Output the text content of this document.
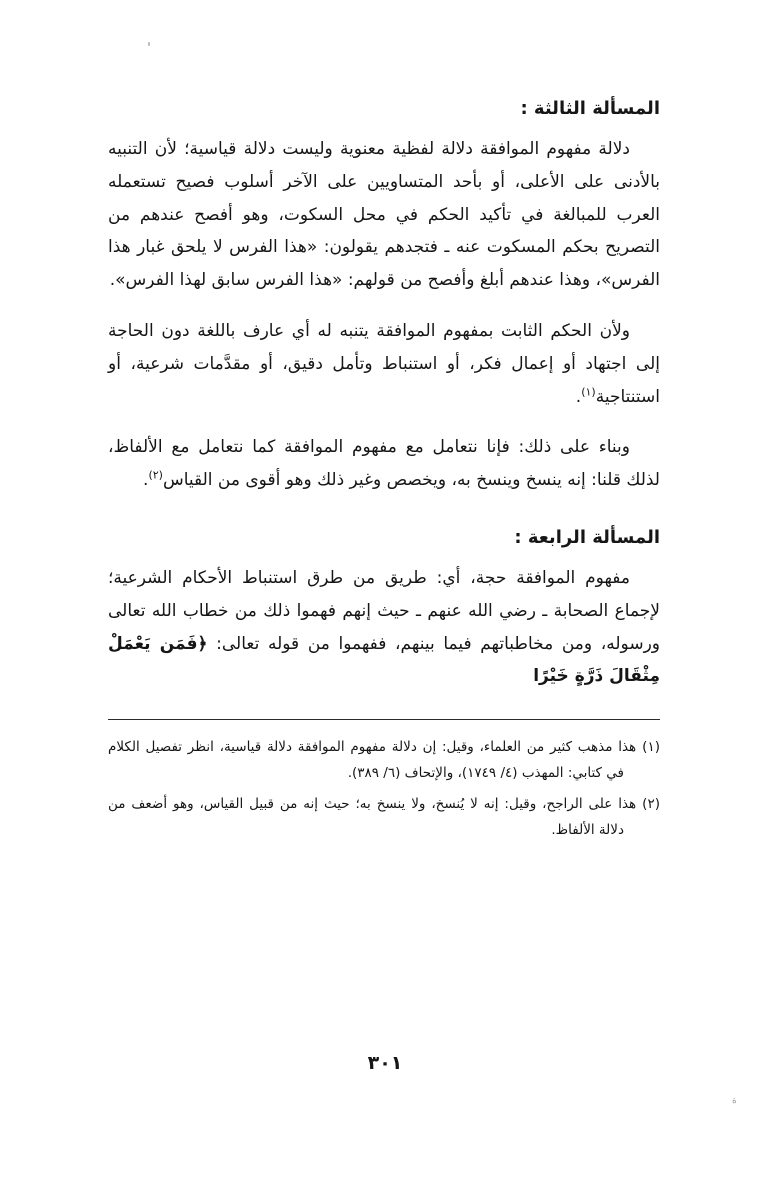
المسألة الثالثة :

دلالة مفهوم الموافقة دلالة لفظية معنوية وليست دلالة قياسية؛ لأن التنبيه بالأدنى على الأعلى، أو بأحد المتساويين على الآخر أسلوب فصيح تستعمله العرب للمبالغة في تأكيد الحكم في محل السكوت، وهو أفصح عندهم من التصريح بحكم المسكوت عنه ـ فتجدهم يقولون: «هذا الفرس لا يلحق غبار هذا الفرس»، وهذا عندهم أبلغ وأفصح من قولهم: «هذا الفرس سابق لهذا الفرس».

ولأن الحكم الثابت بمفهوم الموافقة يتنبه له أي عارف باللغة دون الحاجة إلى اجتهاد أو إعمال فكر، أو استنباط وتأمل دقيق، أو مقدَّمات شرعية، أو استنتاجية$^{(١)}$.

وبناء على ذلك: فإنا نتعامل مع مفهوم الموافقة كما نتعامل مع الألفاظ، لذلك قلنا: إنه ينسخ وينسخ به، ويخصص وغير ذلك وهو أقوى من القياس$^{(٢)}$.

المسألة الرابعة :

مفهوم الموافقة حجة، أي: طريق من طرق استنباط الأحكام الشرعية؛ لإجماع الصحابة ـ رضي الله عنهم ـ حيث إنهم فهموا ذلك من خطاب الله تعالى ورسوله، ومن مخاطباتهم فيما بينهم، ففهموا من قوله تعالى: ﴿فَمَن يَعْمَلْ مِثْقَالَ ذَرَّةٍ خَيْرًا

(١)هذا مذهب كثير من العلماء، وقيل: إن دلالة مفهوم الموافقة دلالة قياسية، انظر تفصيل الكلام في كتابي: المهذب (٤/ ١٧٤٩)، والإتحاف (٦/ ٣٨٩).

(٢)هذا على الراجح، وقيل: إنه لا يُنسخ، ولا ينسخ به؛ حيث إنه من قبيل القياس، وهو أضعف من دلالة الألفاظ.

٣٠١
ة
